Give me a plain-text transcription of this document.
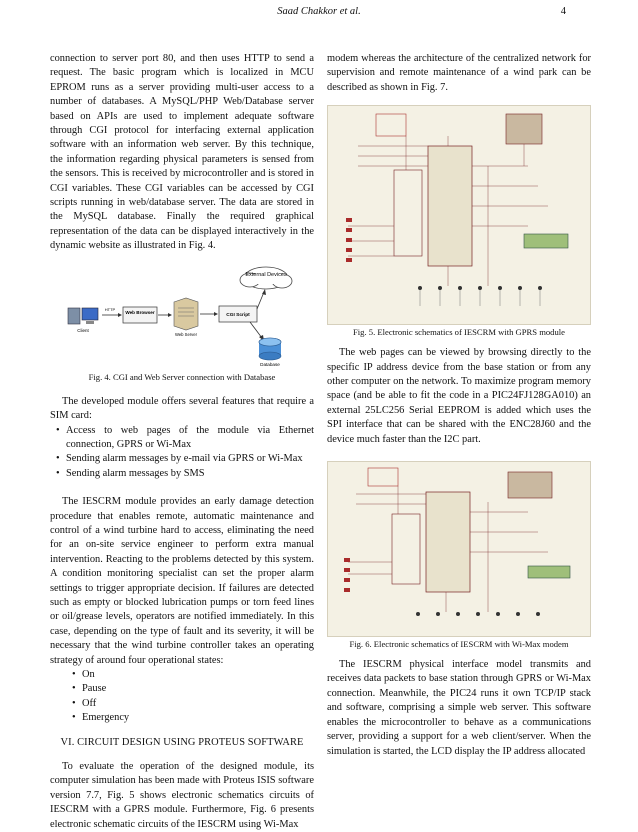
Saad Chakkor et al.	4

connection to server port 80, and then uses HTTP to send a request. The basic program which is localized in MCU EPROM runs as a server providing multi-user access to a number of databases. A MySQL/PHP Web/Database server based on APIs are used to implement adequate software through CGI protocol for interfacing external application software with an information web server. By this technique, the information regarding physical parameters is sensed from the sensors. This is received by microcontroller and is stored in CGI variables. These CGI variables can be accessed by CGI scripts running in web/database server. The data are stored in the MySQL database. Finally the required graphical representation of the data can be displayed interactively in the dynamic website as illustrated in Fig. 4.

External Devices
Client
HTTP
Web Browser
Web Server
CGI Script
Database
Fig. 4. CGI and Web Server connection with Database

The developed module offers several features that require a SIM card:

• Access to web pages of the module via Ethernet connection, GPRS or Wi-Max
• Sending alarm messages by e-mail via GPRS or Wi-Max
• Sending alarm messages by SMS

The IESCRM module provides an early damage detection procedure that enables remote, automatic maintenance and control of a wind turbine hard to access, eliminating the need for an on-site service engineer to perform extra manual intervention. Reacting to the problems detected by this system. A condition monitoring specialist can set the proper alarm settings to trigger appropriate decision. If failures are detected such as empty or blocked lubrication pumps or torn feed lines or oil/grease levels, operators are notified immediately. In this case, depending on the type of fault and its severity, it will be necessary that the wind turbine controller takes an operating strategy of around four operational states:

• On
• Pause
• Off
• Emergency
VI. CIRCUIT DESIGN USING PROTEUS SOFTWARE

To evaluate the operation of the designed module, its computer simulation has been made with Proteus ISIS software version 7.7, Fig. 5 shows electronic schematics circuits of IESCRM with a GPRS module. Furthermore, Fig. 6 presents electronic schematic circuits of the IESCRM using Wi-Max

modem whereas the architecture of the centralized network for supervision and remote maintenance of a wind park can be described as shown in Fig. 7.

Fig. 5. Electronic schematics of IESCRM with GPRS module

The web pages can be viewed by browsing directly to the specific IP address device from the base station or from any other computer on the network. To maximize program memory space (and be able to fit the code in a PIC24FJ128GA010) an external 25LC256 Serial EEPROM is added which uses the SPI interface that can be shared with the ENC28J60 and the device much faster than the I2C part.

Fig. 6. Electronic schematics of IESCRM with Wi-Max modem

The IESCRM physical interface model transmits and receives data packets to base station through GPRS or Wi-Max connection. Meanwhile, the PIC24 runs it own TCP/IP stack and software, comprising a simple web server. This software enables the microcontroller to behave as a communications server, providing a support for a web client/server. When the simulation is started, the LCD display the IP address allocated
